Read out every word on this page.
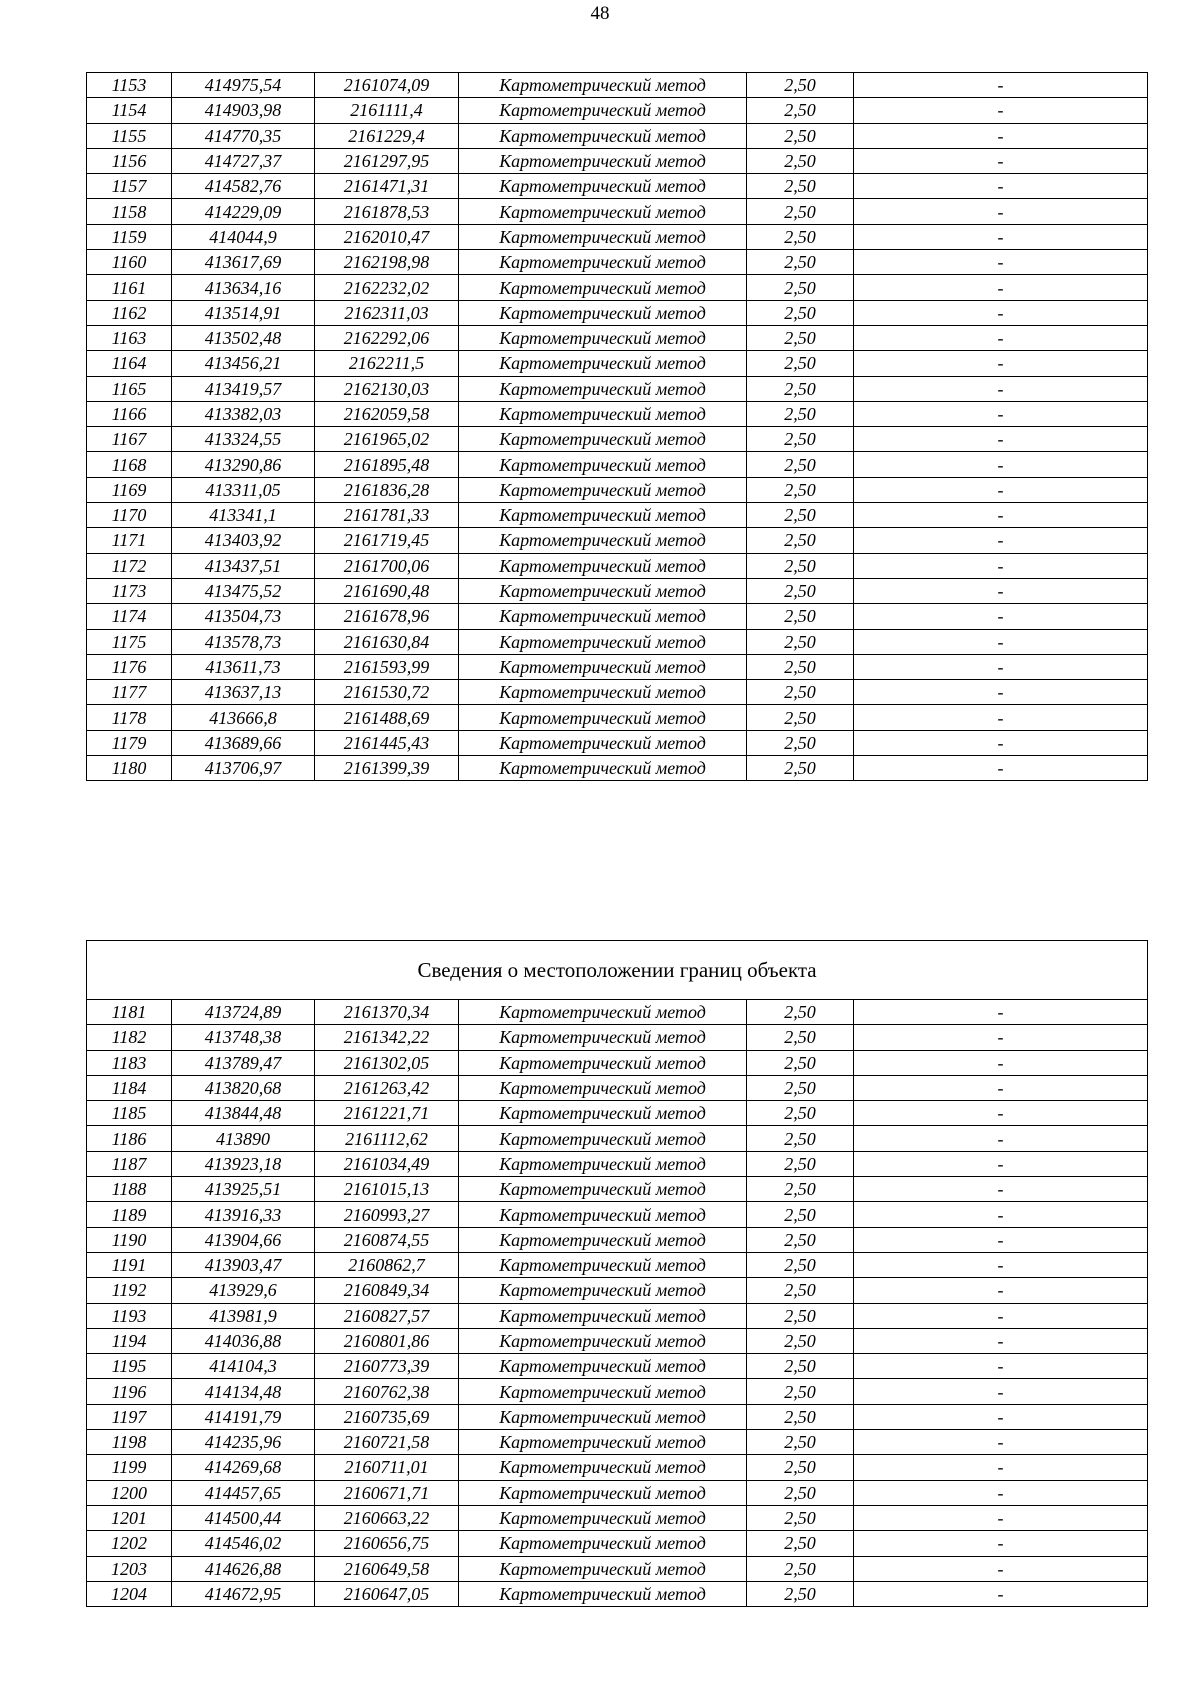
48
1153	414975,54	2161074,09	Картометрический метод	2,50	-
1154	414903,98	2161111,4	Картометрический метод	2,50	-
1155	414770,35	2161229,4	Картометрический метод	2,50	-
1156	414727,37	2161297,95	Картометрический метод	2,50	-
1157	414582,76	2161471,31	Картометрический метод	2,50	-
1158	414229,09	2161878,53	Картометрический метод	2,50	-
1159	414044,9	2162010,47	Картометрический метод	2,50	-
1160	413617,69	2162198,98	Картометрический метод	2,50	-
1161	413634,16	2162232,02	Картометрический метод	2,50	-
1162	413514,91	2162311,03	Картометрический метод	2,50	-
1163	413502,48	2162292,06	Картометрический метод	2,50	-
1164	413456,21	2162211,5	Картометрический метод	2,50	-
1165	413419,57	2162130,03	Картометрический метод	2,50	-
1166	413382,03	2162059,58	Картометрический метод	2,50	-
1167	413324,55	2161965,02	Картометрический метод	2,50	-
1168	413290,86	2161895,48	Картометрический метод	2,50	-
1169	413311,05	2161836,28	Картометрический метод	2,50	-
1170	413341,1	2161781,33	Картометрический метод	2,50	-
1171	413403,92	2161719,45	Картометрический метод	2,50	-
1172	413437,51	2161700,06	Картометрический метод	2,50	-
1173	413475,52	2161690,48	Картометрический метод	2,50	-
1174	413504,73	2161678,96	Картометрический метод	2,50	-
1175	413578,73	2161630,84	Картометрический метод	2,50	-
1176	413611,73	2161593,99	Картометрический метод	2,50	-
1177	413637,13	2161530,72	Картометрический метод	2,50	-
1178	413666,8	2161488,69	Картометрический метод	2,50	-
1179	413689,66	2161445,43	Картометрический метод	2,50	-
1180	413706,97	2161399,39	Картометрический метод	2,50	-
Сведения о местоположении границ объекта					
1181	413724,89	2161370,34	Картометрический метод	2,50	-
1182	413748,38	2161342,22	Картометрический метод	2,50	-
1183	413789,47	2161302,05	Картометрический метод	2,50	-
1184	413820,68	2161263,42	Картометрический метод	2,50	-
1185	413844,48	2161221,71	Картометрический метод	2,50	-
1186	413890	2161112,62	Картометрический метод	2,50	-
1187	413923,18	2161034,49	Картометрический метод	2,50	-
1188	413925,51	2161015,13	Картометрический метод	2,50	-
1189	413916,33	2160993,27	Картометрический метод	2,50	-
1190	413904,66	2160874,55	Картометрический метод	2,50	-
1191	413903,47	2160862,7	Картометрический метод	2,50	-
1192	413929,6	2160849,34	Картометрический метод	2,50	-
1193	413981,9	2160827,57	Картометрический метод	2,50	-
1194	414036,88	2160801,86	Картометрический метод	2,50	-
1195	414104,3	2160773,39	Картометрический метод	2,50	-
1196	414134,48	2160762,38	Картометрический метод	2,50	-
1197	414191,79	2160735,69	Картометрический метод	2,50	-
1198	414235,96	2160721,58	Картометрический метод	2,50	-
1199	414269,68	2160711,01	Картометрический метод	2,50	-
1200	414457,65	2160671,71	Картометрический метод	2,50	-
1201	414500,44	2160663,22	Картометрический метод	2,50	-
1202	414546,02	2160656,75	Картометрический метод	2,50	-
1203	414626,88	2160649,58	Картометрический метод	2,50	-
1204	414672,95	2160647,05	Картометрический метод	2,50	-
